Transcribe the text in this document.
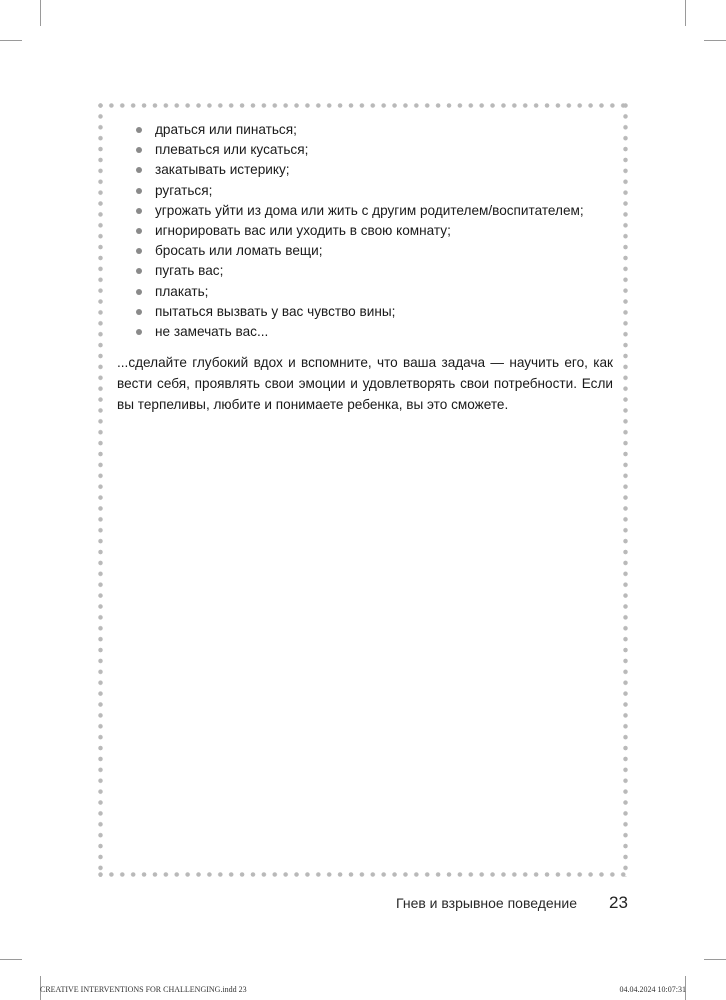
драться или пинаться;
плеваться или кусаться;
закатывать истерику;
ругаться;
угрожать уйти из дома или жить с другим родителем/воспитателем;
игнорировать вас или уходить в свою комнату;
бросать или ломать вещи;
пугать вас;
плакать;
пытаться вызвать у вас чувство вины;
не замечать вас...

...сделайте глубокий вдох и вспомните, что ваша задача — научить его, как вести себя, проявлять свои эмоции и удовлетворять свои потребности. Если вы терпеливы, любите и понимаете ребенка, вы это сможете.

Гнев и взрывное поведение 23
CREATIVE INTERVENTIONS FOR CHALLENGING.indd 23	04.04.2024 10:07:31
